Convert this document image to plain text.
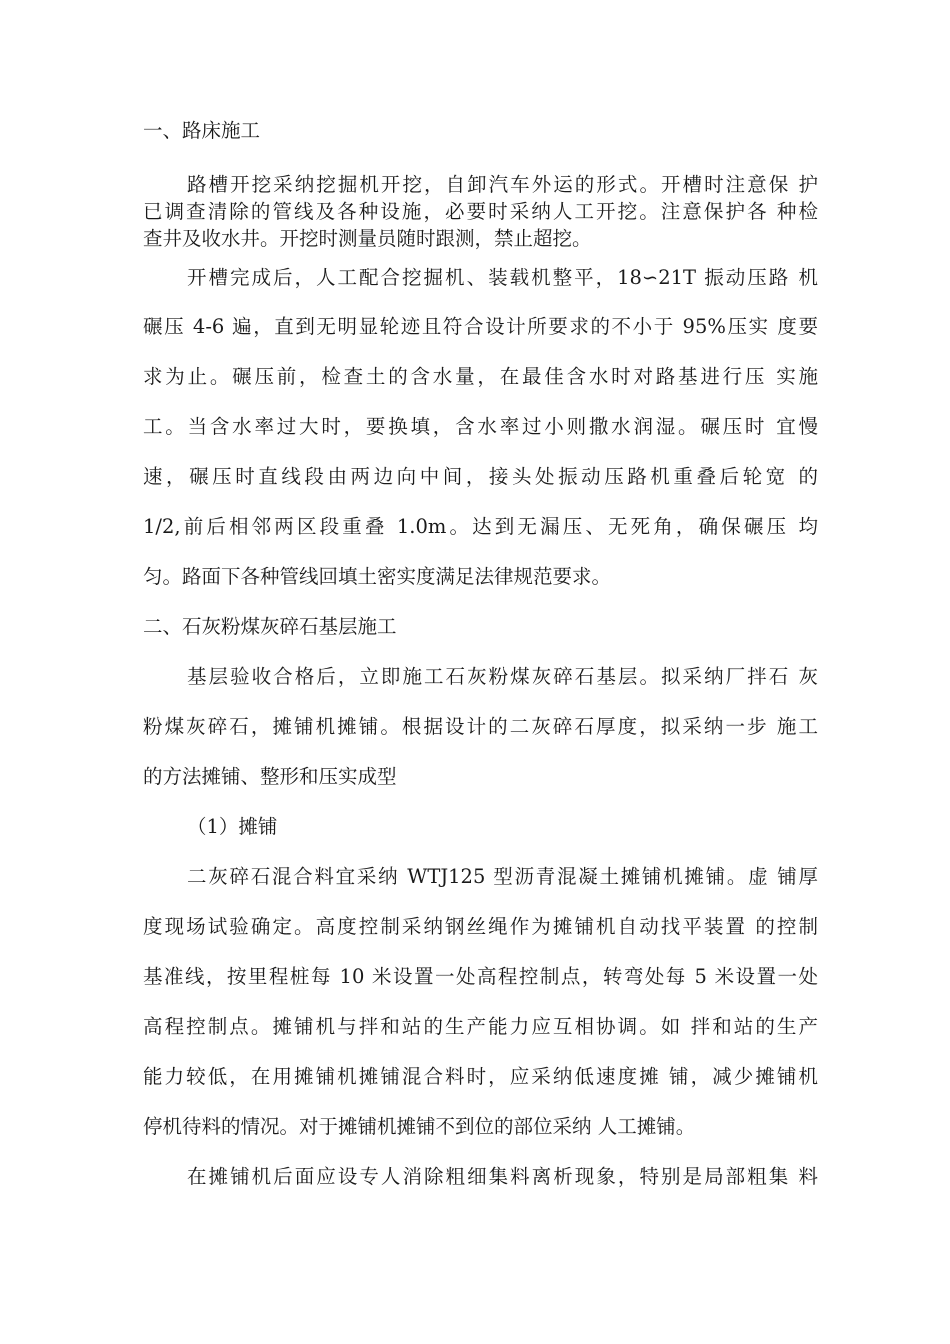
一、路床施工
路槽开挖采纳挖掘机开挖，自卸汽车外运的形式。开槽时注意保 护
已调查清除的管线及各种设施，必要时采纳人工开挖。注意保护各 种检
查井及收水井。开挖时测量员随时跟测，禁止超挖。
开槽完成后，人工配合挖掘机、装载机整平，18∽21T 振动压路 机
碾压 4-6 遍，直到无明显轮迹且符合设计所要求的不小于 95%压实 度要
求为止。碾压前，检查土的含水量，在最佳含水时对路基进行压 实施
工。当含水率过大时，要换填，含水率过小则撒水润湿。碾压时 宜慢
速，碾压时直线段由两边向中间，接头处振动压路机重叠后轮宽 的
1/2,前后相邻两区段重叠 1.0m。达到无漏压、无死角，确保碾压 均
匀。路面下各种管线回填土密实度满足法律规范要求。
二、石灰粉煤灰碎石基层施工
基层验收合格后，立即施工石灰粉煤灰碎石基层。拟采纳厂拌石 灰
粉煤灰碎石，摊铺机摊铺。根据设计的二灰碎石厚度，拟采纳一步 施工
的方法摊铺、整形和压实成型
（1）摊铺
二灰碎石混合料宜采纳 WTJ125 型沥青混凝土摊铺机摊铺。虚 铺厚
度现场试验确定。高度控制采纳钢丝绳作为摊铺机自动找平装置 的控制
基准线，按里程桩每 10 米设置一处高程控制点，转弯处每 5 米设置一处
高程控制点。摊铺机与拌和站的生产能力应互相协调。如 拌和站的生产
能力较低，在用摊铺机摊铺混合料时，应采纳低速度摊 铺，减少摊铺机
停机待料的情况。对于摊铺机摊铺不到位的部位采纳 人工摊铺。
在摊铺机后面应设专人消除粗细集料离析现象，特别是局部粗集 料
